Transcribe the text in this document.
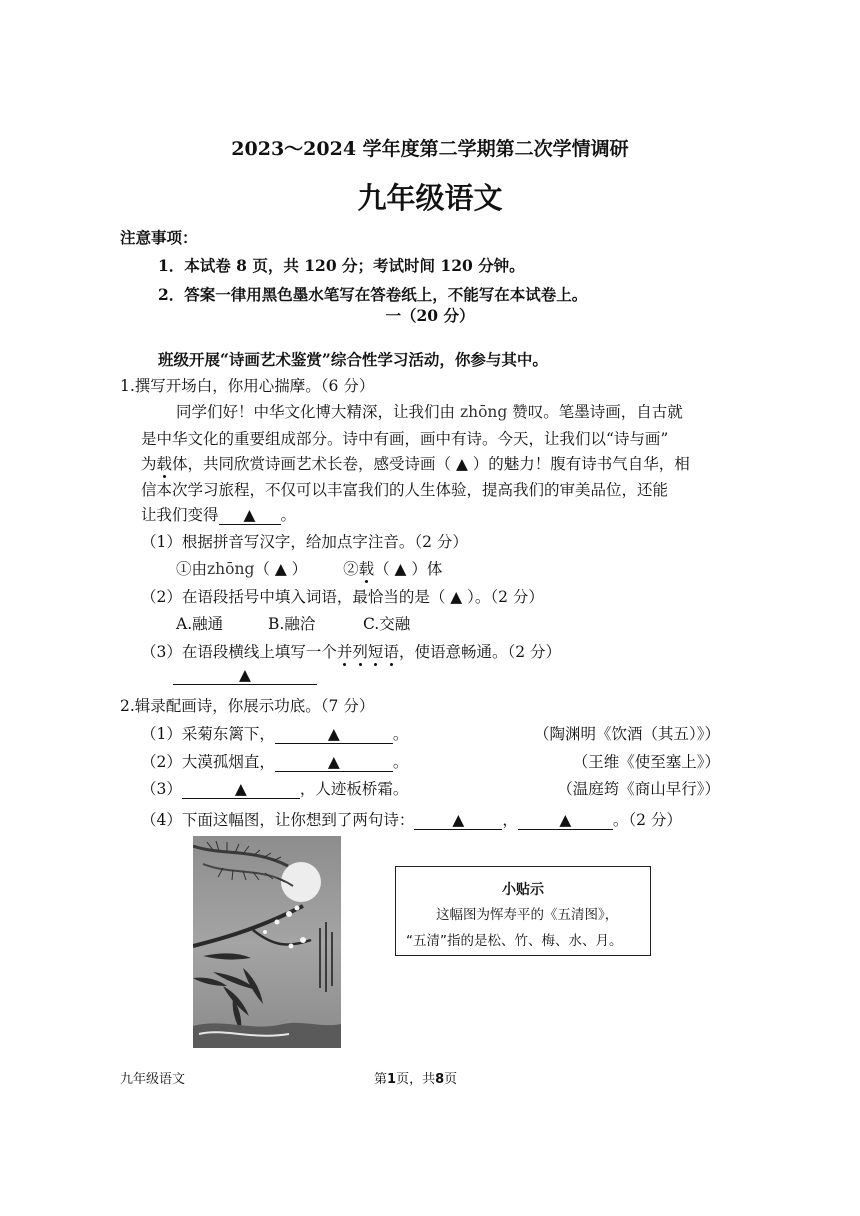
2023～2024 学年度第二学期第二次学情调研
九年级语文
注意事项：
1．本试卷 8 页，共 120 分；考试时间 120 分钟。
2．答案一律用黑色墨水笔写在答卷纸上，不能写在本试卷上。
一（20 分）
班级开展“诗画艺术鉴赏”综合性学习活动，你参与其中。
1.撰写开场白，你用心揣摩。（6 分）
同学们好！中华文化博大精深，让我们由 zhōng 赞叹。笔墨诗画，自古就
是中华文化的重要组成部分。诗中有画，画中有诗。今天，让我们以“诗与画”
为载体，共同欣赏诗画艺术长卷，感受诗画（ ▲ ）的魅力！腹有诗书气自华，相
信本次学习旅程，不仅可以丰富我们的人生体验，提高我们的审美品位，还能
让我们变得 ▲ 。
（1）根据拼音写汉字，给加点字注音。（2 分）
①由zhōng（ ▲ ） ②载（ ▲ ）体
（2）在语段括号中填入词语，最恰当的是（ ▲ ）。（2 分）
A.融通	B.融洽	C.交融
（3）在语段横线上填写一个并列短语，使语意畅通。（2 分）
▲
2.辑录配画诗，你展示功底。（7 分）
（1）采菊东篱下，	▲	。	（陶渊明《饮酒（其五）》）
（2）大漠孤烟直，	▲	。	（王维《使至塞上》）
（3）	▲	，人迹板桥霜。	（温庭筠《商山早行》）
（4）下面这幅图，让你想到了两句诗： ▲ ，	▲	。（2 分）
小贴示
这幅图为恽寿平的《五清图》，
“五清”指的是松、竹、梅、水、月。
九年级语文	第1页，共8页
